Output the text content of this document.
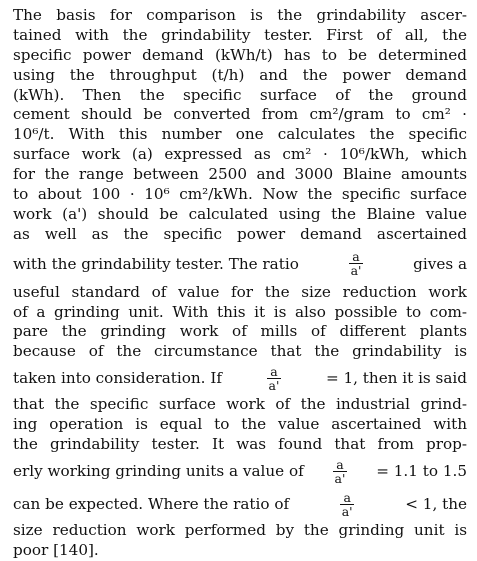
The basis for comparison is the grindability ascer-
tained with the grindability tester. First of all, the
specific power demand (kWh/t) has to be determined
using the throughput (t/h) and the power demand
(kWh). Then the specific surface of the ground
cement should be converted from cm²/gram to cm² ·
10⁶/t. With this number one calculates the specific
surface work (a) expressed as cm² · 10⁶/kWh, which
for the range between 2500 and 3000 Blaine amounts
to about 100 · 10⁶ cm²/kWh. Now the specific surface
work (a') should be calculated using the Blaine value
as well as the specific power demand ascertained
with the grindability tester. The ratio	$\frac{a}{a'}$	gives a
useful standard of value for the size reduction work
of a grinding unit. With this it is also possible to com-
pare the grinding work of mills of different plants
because of the circumstance that the grindability is
taken into consideration. If	$\frac{a}{a'}$	= 1, then it is said
that the specific surface work of the industrial grind-
ing operation is equal to the value ascertained with
the grindability tester. It was found that from prop-
erly working grinding units a value of $\frac{a}{a'} = 1.1$ to 1.5
can be expected. Where the ratio of	$\frac{a}{a'}$	< 1, the
size reduction work performed by the grinding unit is
poor [140].
